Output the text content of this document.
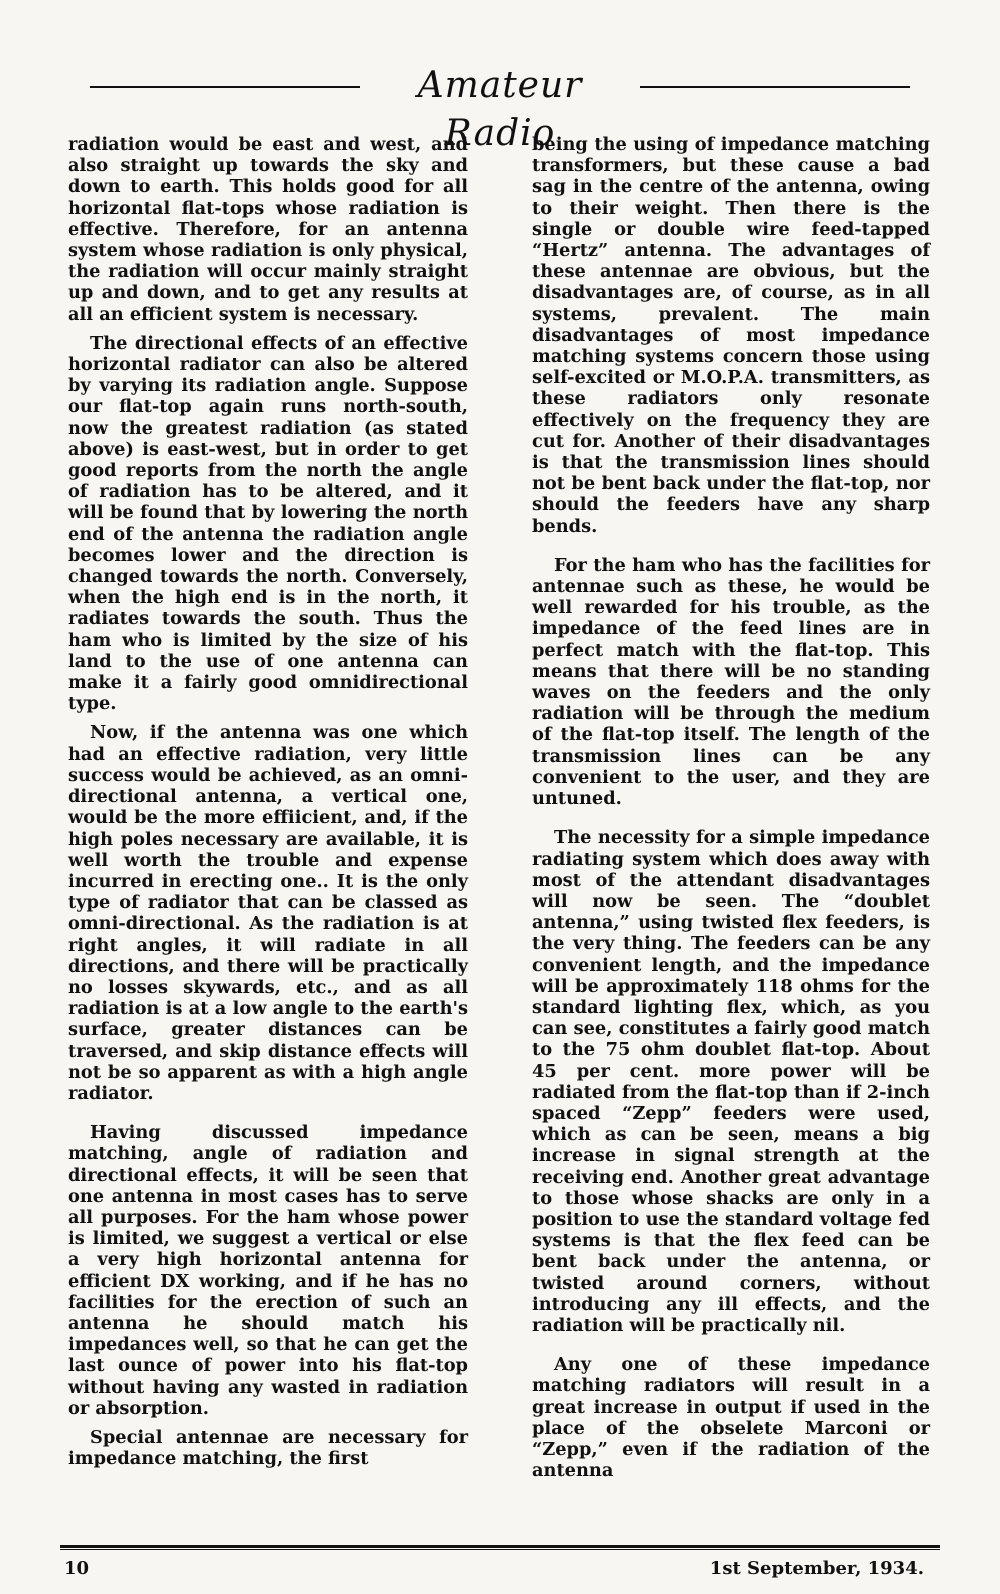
Amateur Radio

radiation would be east and west, and also straight up towards the sky and down to earth. This holds good for all horizontal flat-tops whose radiation is effective. Therefore, for an antenna system whose radiation is only physical, the radiation will occur mainly straight up and down, and to get any results at all an efficient system is necessary.

The directional effects of an effective horizontal radiator can also be altered by varying its radiation angle. Suppose our flat-top again runs north-south, now the greatest radiation (as stated above) is east-west, but in order to get good reports from the north the angle of radiation has to be altered, and it will be found that by lowering the north end of the antenna the radiation angle becomes lower and the direction is changed towards the north. Conversely, when the high end is in the north, it radiates towards the south. Thus the ham who is limited by the size of his land to the use of one antenna can make it a fairly good omnidirectional type.

Now, if the antenna was one which had an effective radiation, very little success would be achieved, as an omni-directional antenna, a vertical one, would be the more effiicient, and, if the high poles necessary are available, it is well worth the trouble and expense incurred in erecting one.. It is the only type of radiator that can be classed as omni-directional. As the radiation is at right angles, it will radiate in all directions, and there will be practically no losses skywards, etc., and as all radiation is at a low angle to the earth's surface, greater distances can be traversed, and skip distance effects will not be so apparent as with a high angle radiator.

Having discussed impedance matching, angle of radiation and directional effects, it will be seen that one antenna in most cases has to serve all purposes. For the ham whose power is limited, we suggest a vertical or else a very high horizontal antenna for efficient DX working, and if he has no facilities for the erection of such an antenna he should match his impedances well, so that he can get the last ounce of power into his flat-top without having any wasted in radiation or absorption.

Special antennae are necessary for impedance matching, the first

being the using of impedance matching transformers, but these cause a bad sag in the centre of the antenna, owing to their weight. Then there is the single or double wire feed-tapped “Hertz” antenna. The advantages of these antennae are obvious, but the disadvantages are, of course, as in all systems, prevalent. The main disadvantages of most impedance matching systems concern those using self-excited or M.O.P.A. transmitters, as these radiators only resonate effectively on the frequency they are cut for. Another of their disadvantages is that the transmission lines should not be bent back under the flat-top, nor should the feeders have any sharp bends.

For the ham who has the facilities for antennae such as these, he would be well rewarded for his trouble, as the impedance of the feed lines are in perfect match with the flat-top. This means that there will be no standing waves on the feeders and the only radiation will be through the medium of the flat-top itself. The length of the transmission lines can be any convenient to the user, and they are untuned.

The necessity for a simple impedance radiating system which does away with most of the attendant disadvantages will now be seen. The “doublet antenna,” using twisted flex feeders, is the very thing. The feeders can be any convenient length, and the impedance will be approximately 118 ohms for the standard lighting flex, which, as you can see, constitutes a fairly good match to the 75 ohm doublet flat-top. About 45 per cent. more power will be radiated from the flat-top than if 2-inch spaced “Zepp” feeders were used, which as can be seen, means a big increase in signal strength at the receiving end. Another great advantage to those whose shacks are only in a position to use the standard voltage fed systems is that the flex feed can be bent back under the antenna, or twisted around corners, without introducing any ill effects, and the radiation will be practically nil.

Any one of these impedance matching radiators will result in a great increase in output if used in the place of the obselete Marconi or “Zepp,” even if the radiation of the antenna

10	1st September, 1934.
